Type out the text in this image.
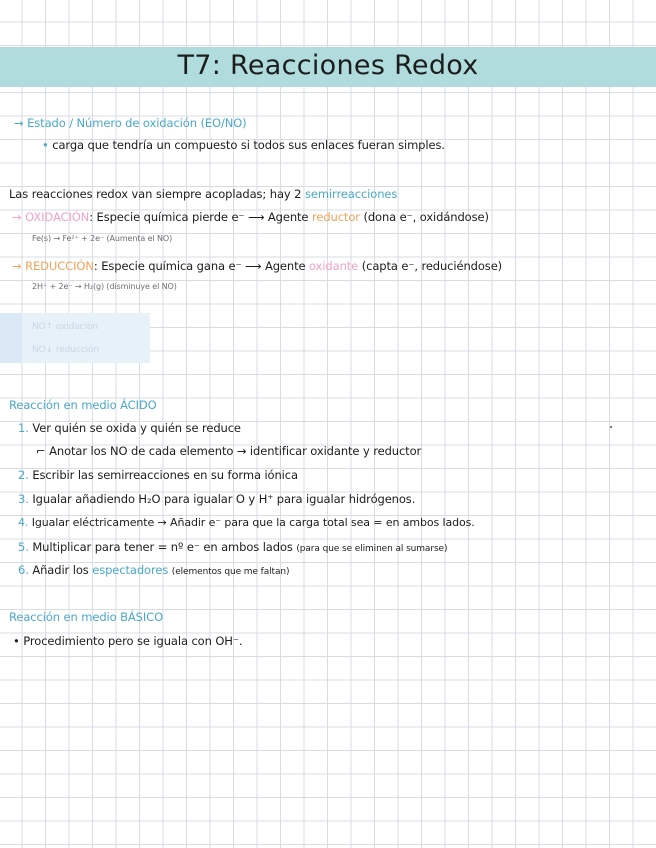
T7: Reacciones Redox
→ Estado / Número de oxidación (EO/NO)
• carga que tendría un compuesto si todos sus enlaces fueran simples.
Las reacciones redox van siempre acopladas; hay 2 semirreacciones
→ OXIDACIÓN: Especie química pierde e⁻ ⟶ Agente reductor (dona e⁻, oxidándose)
Fe(s) → Fe²⁺ + 2e⁻ (Aumenta el NO)
→ REDUCCIÓN: Especie química gana e⁻ ⟶ Agente oxidante (capta e⁻, reduciéndose)
2H⁺ + 2e⁻ → H₂(g) (disminuye el NO)
NO↑ oxidación
NO↓ reducción
Reacción en medio ÁCIDO
1. Ver quién se oxida y quién se reduce
⌐ Anotar los NO de cada elemento → identificar oxidante y reductor
2. Escribir las semirreacciones en su forma iónica
3. Igualar añadiendo H₂O para igualar O y H⁺ para igualar hidrógenos.
4. Igualar eléctricamente → Añadir e⁻ para que la carga total sea = en ambos lados.
5. Multiplicar para tener = nº e⁻ en ambos lados (para que se eliminen al sumarse)
6. Añadir los espectadores (elementos que me faltan)
Reacción en medio BÁSICO
• Procedimiento pero se iguala con OH⁻.
